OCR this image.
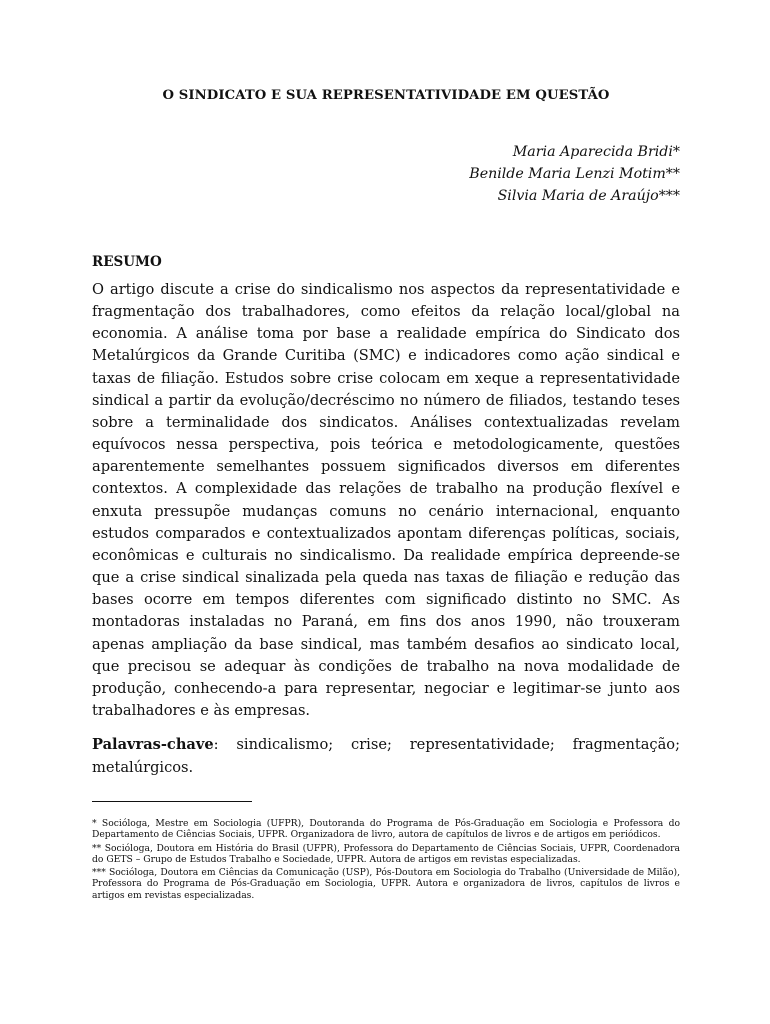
O SINDICATO E SUA REPRESENTATIVIDADE EM QUESTÃO
Maria Aparecida Bridi*
Benilde Maria Lenzi Motim**
Silvia Maria de Araújo***
RESUMO

O artigo discute a crise do sindicalismo nos aspectos da representatividade e fragmentação dos trabalhadores, como efeitos da relação local/global na economia. A análise toma por base a realidade empírica do Sindicato dos Metalúrgicos da Grande Curitiba (SMC) e indicadores como ação sindical e taxas de filiação. Estudos sobre crise colocam em xeque a representatividade sindical a partir da evolução/decréscimo no número de filiados, testando teses sobre a terminalidade dos sindicatos. Análises contextualizadas revelam equívocos nessa perspectiva, pois teórica e metodologicamente, questões aparentemente semelhantes possuem significados diversos em diferentes contextos. A complexidade das relações de trabalho na produção flexível e enxuta pressupõe mudanças comuns no cenário internacional, enquanto estudos comparados e contextualizados apontam diferenças políticas, sociais, econômicas e culturais no sindicalismo. Da realidade empírica depreende-se que a crise sindical sinalizada pela queda nas taxas de filiação e redução das bases ocorre em tempos diferentes com significado distinto no SMC. As montadoras instaladas no Paraná, em fins dos anos 1990, não trouxeram apenas ampliação da base sindical, mas também desafios ao sindicato local, que precisou se adequar às condições de trabalho na nova modalidade de produção, conhecendo-a para representar, negociar e legitimar-se junto aos trabalhadores e às empresas.

Palavras-chave: sindicalismo; crise; representatividade; fragmentação; metalúrgicos.

* Socióloga, Mestre em Sociologia (UFPR), Doutoranda do Programa de Pós-Graduação em Sociologia e Professora do Departamento de Ciências Sociais, UFPR. Organizadora de livro, autora de capítulos de livros e de artigos em periódicos.

** Socióloga, Doutora em História do Brasil (UFPR), Professora do Departamento de Ciências Sociais, UFPR, Coordenadora do GETS – Grupo de Estudos Trabalho e Sociedade, UFPR. Autora de artigos em revistas especializadas.

*** Socióloga, Doutora em Ciências da Comunicação (USP), Pós-Doutora em Sociologia do Trabalho (Universidade de Milão), Professora do Programa de Pós-Graduação em Sociologia, UFPR. Autora e organizadora de livros, capítulos de livros e artigos em revistas especializadas.
